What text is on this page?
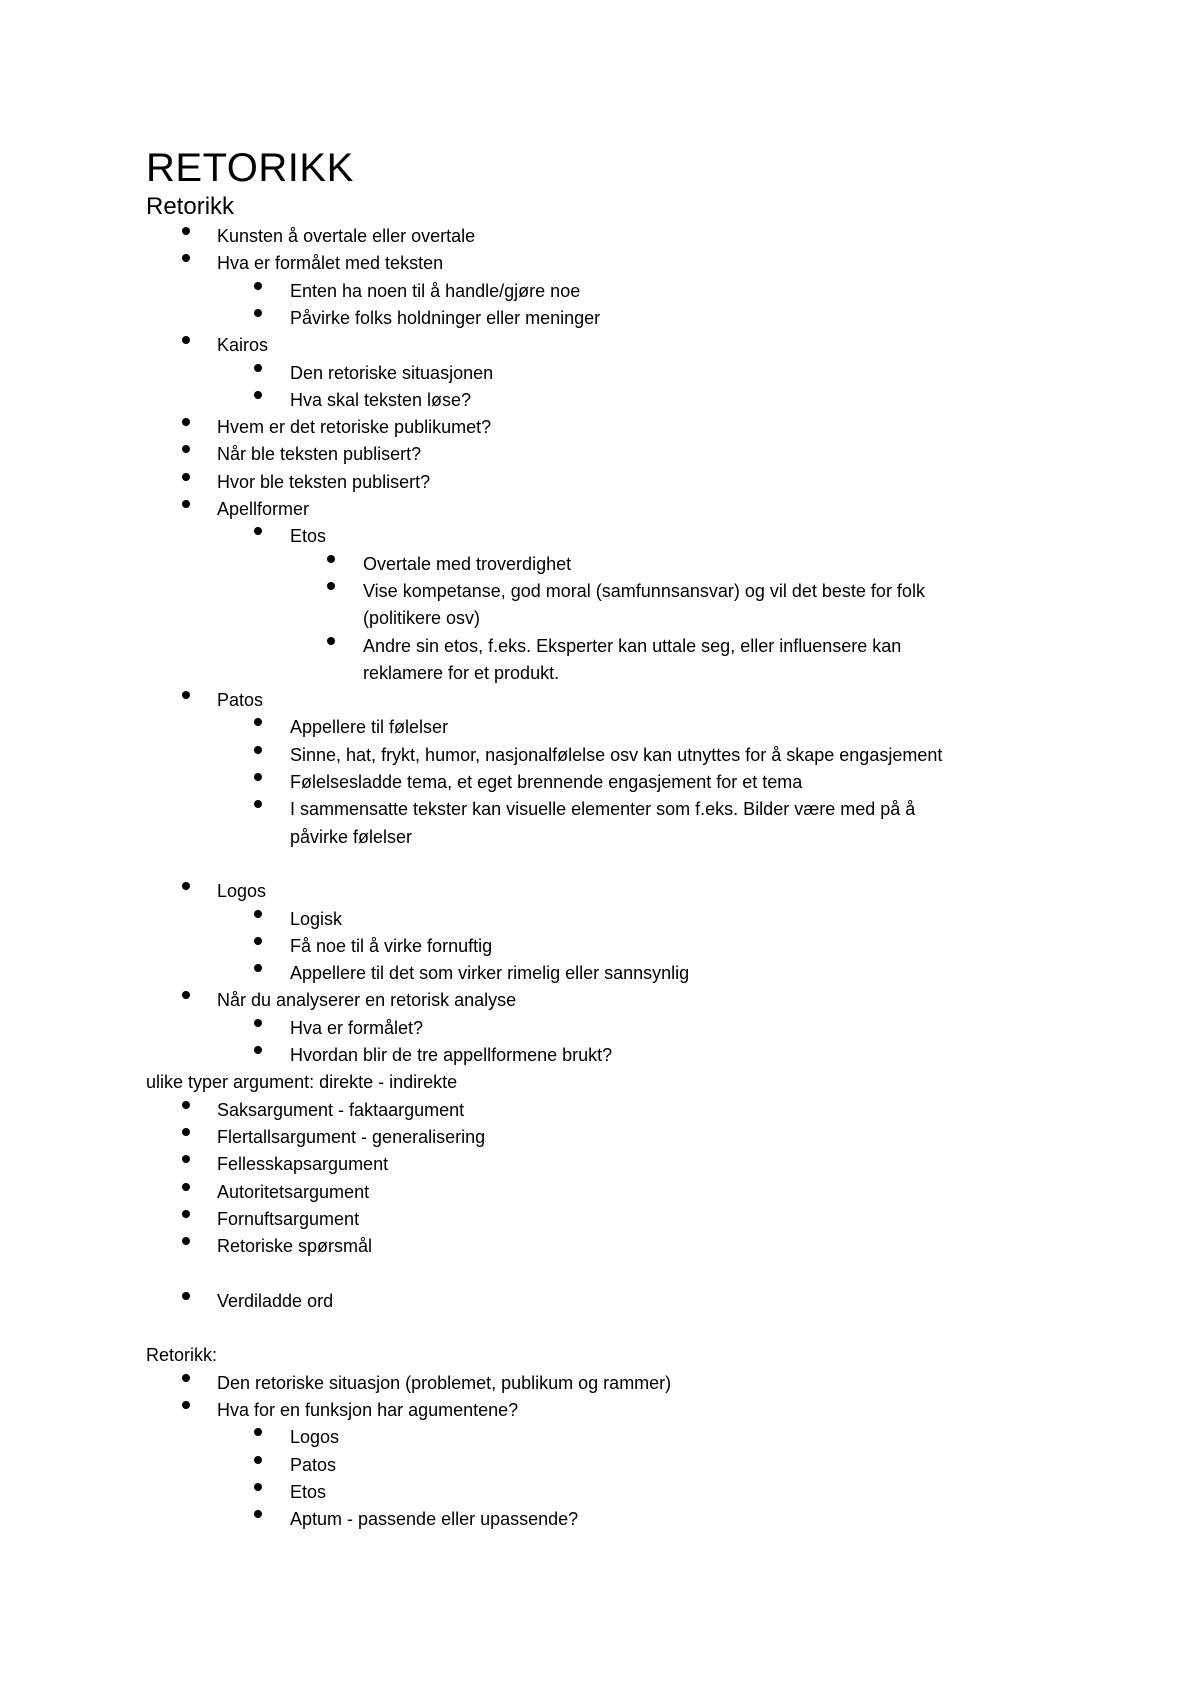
RETORIKK
Retorikk
Kunsten å overtale eller overtale
Hva er formålet med teksten
Enten ha noen til å handle/gjøre noe
Påvirke folks holdninger eller meninger
Kairos
Den retoriske situasjonen
Hva skal teksten løse?
Hvem er det retoriske publikumet?
Når ble teksten publisert?
Hvor ble teksten publisert?
Apellformer
Etos
Overtale med troverdighet
Vise kompetanse, god moral (samfunnsansvar) og vil det beste for folk
(politikere osv)
Andre sin etos, f.eks. Eksperter kan uttale seg, eller influensere kan
reklamere for et produkt.
Patos
Appellere til følelser
Sinne, hat, frykt, humor, nasjonalfølelse osv kan utnyttes for å skape engasjement
Følelsesladde tema, et eget brennende engasjement for et tema
I sammensatte tekster kan visuelle elementer som f.eks. Bilder være med på å
påvirke følelser
Logos
Logisk
Få noe til å virke fornuftig
Appellere til det som virker rimelig eller sannsynlig
Når du analyserer en retorisk analyse
Hva er formålet?
Hvordan blir de tre appellformene brukt?
ulike typer argument: direkte - indirekte
Saksargument - faktaargument
Flertallsargument - generalisering
Fellesskapsargument
Autoritetsargument
Fornuftsargument
Retoriske spørsmål
Verdiladde ord
Retorikk:
Den retoriske situasjon (problemet, publikum og rammer)
Hva for en funksjon har agumentene?
Logos
Patos
Etos
Aptum - passende eller upassende?
